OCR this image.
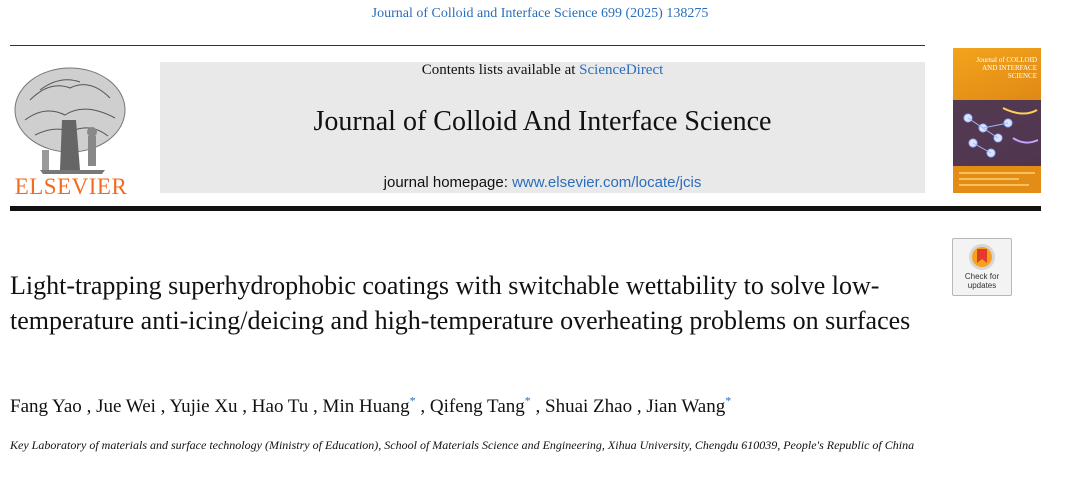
Journal of Colloid and Interface Science 699 (2025) 138275
ELSEVIER
Contents lists available at ScienceDirect
Journal of Colloid And Interface Science
journal homepage: www.elsevier.com/locate/jcis
Journal of COLLOID AND INTERFACE SCIENCE
Check for
updates
Light-trapping superhydrophobic coatings with switchable wettability to solve low-temperature anti-icing/deicing and high-temperature overheating problems on surfaces
Fang Yao , Jue Wei , Yujie Xu , Hao Tu , Min Huang* , Qifeng Tang* , Shuai Zhao , Jian Wang*
Key Laboratory of materials and surface technology (Ministry of Education), School of Materials Science and Engineering, Xihua University, Chengdu 610039, People's Republic of China
